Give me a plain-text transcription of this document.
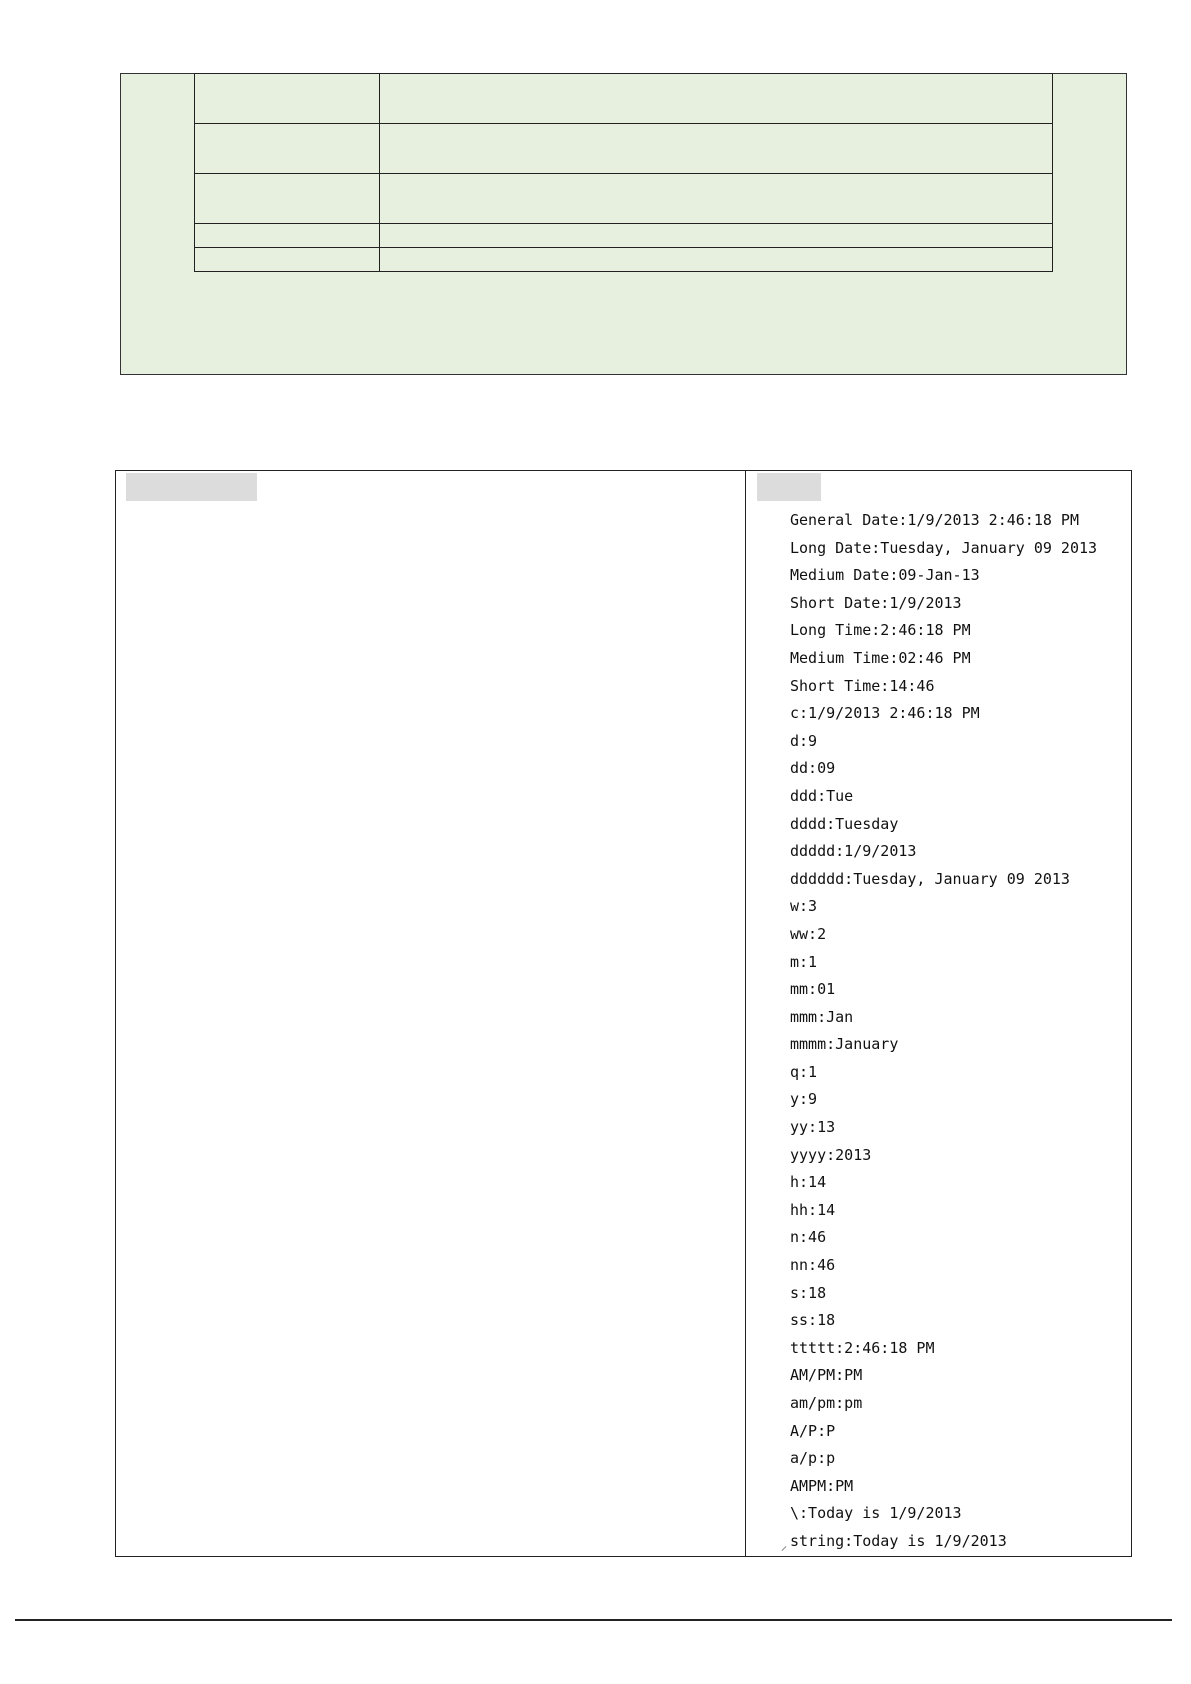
General Date:1/9/2013 2:46:18 PM
Long Date:Tuesday, January 09 2013
Medium Date:09-Jan-13
Short Date:1/9/2013
Long Time:2:46:18 PM
Medium Time:02:46 PM
Short Time:14:46
c:1/9/2013 2:46:18 PM
d:9
dd:09
ddd:Tue
dddd:Tuesday
ddddd:1/9/2013
dddddd:Tuesday, January 09 2013
w:3
ww:2
m:1
mm:01
mmm:Jan
mmmm:January
q:1
y:9
yy:13
yyyy:2013
h:14
hh:14
n:46
nn:46
s:18
ss:18
ttttt:2:46:18 PM
AM/PM:PM
am/pm:pm
A/P:P
a/p:p
AMPM:PM
\:Today is 1/9/2013
string:Today is 1/9/2013
